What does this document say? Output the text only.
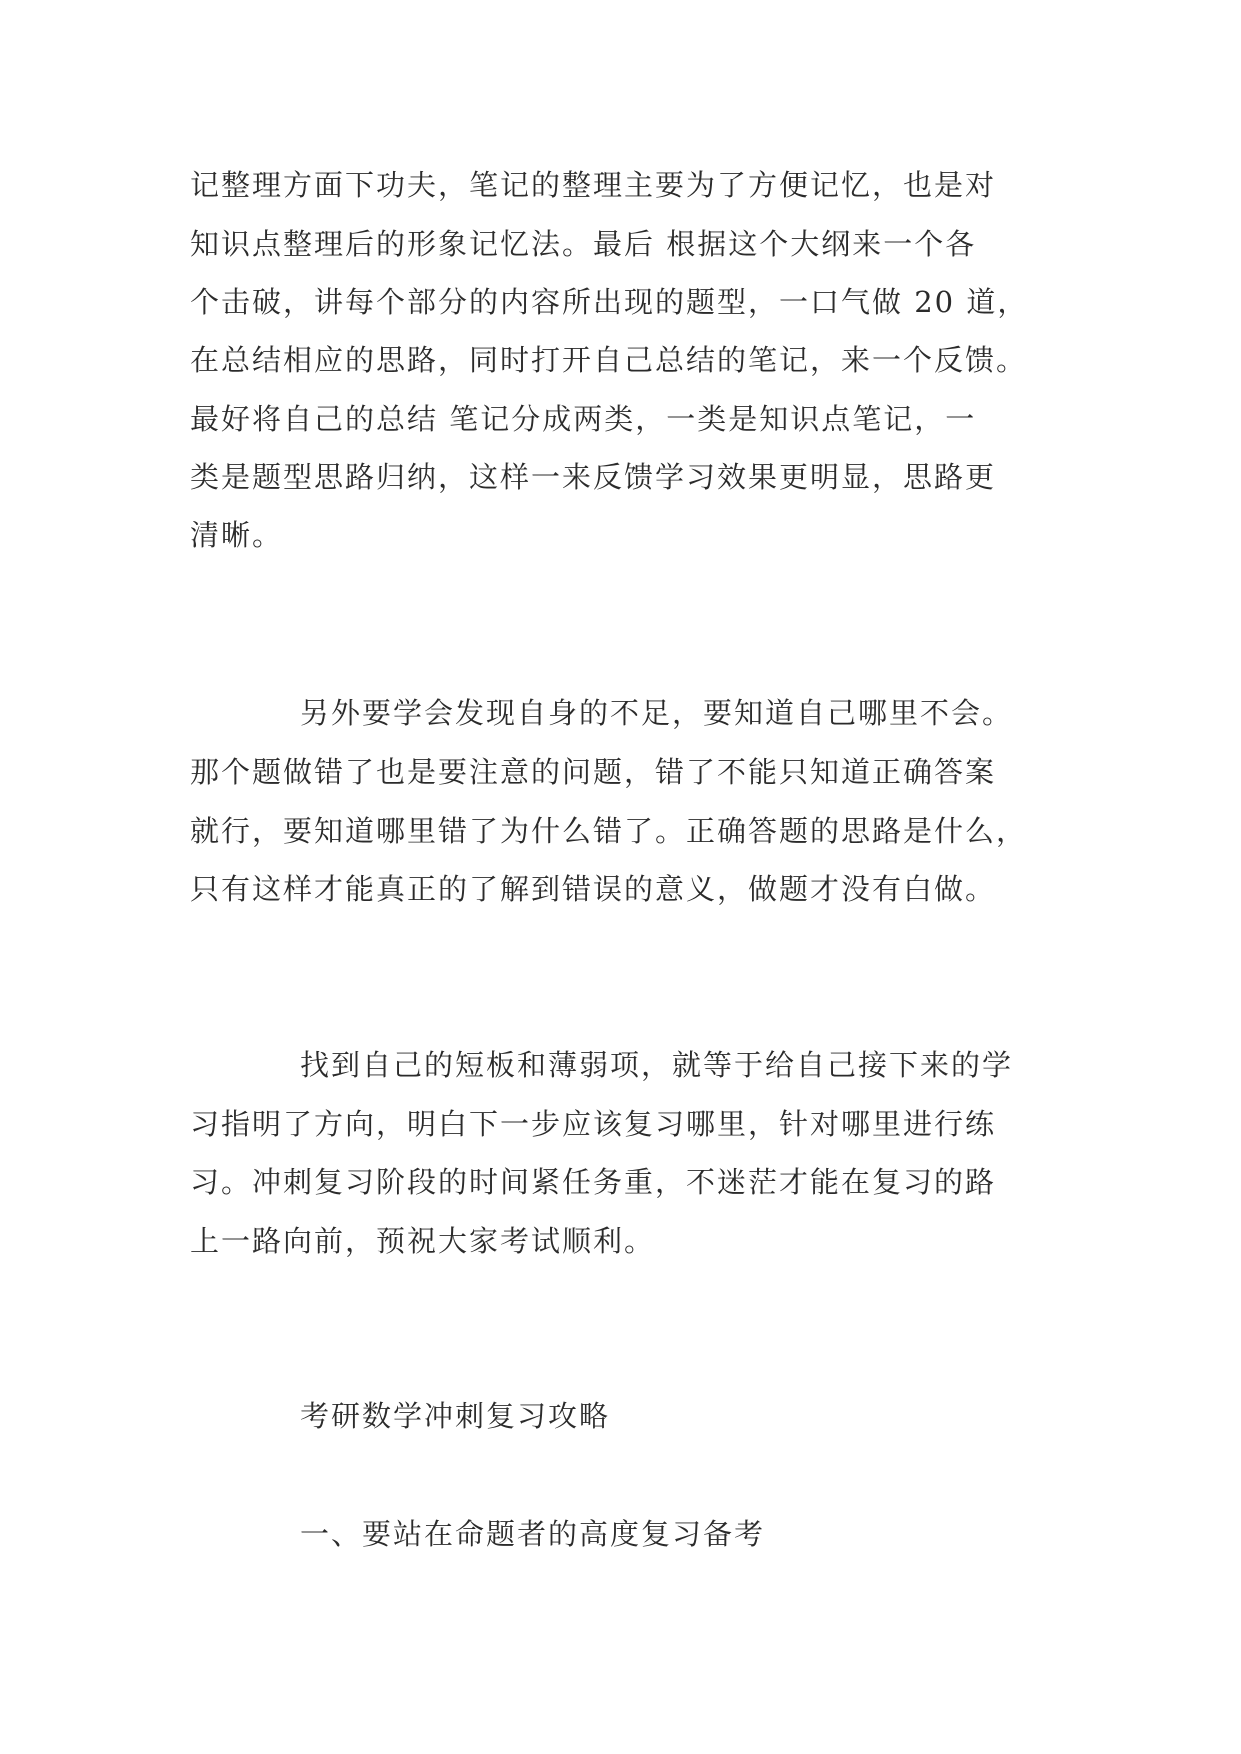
记整理方面下功夫，笔记的整理主要为了方便记忆，也是对
知识点整理后的形象记忆法。最后 根据这个大纲来一个各
个击破，讲每个部分的内容所出现的题型，一口气做 20 道，
在总结相应的思路，同时打开自己总结的笔记，来一个反馈。
最好将自己的总结 笔记分成两类，一类是知识点笔记，一
类是题型思路归纳，这样一来反馈学习效果更明显，思路更
清晰。
另外要学会发现自身的不足，要知道自己哪里不会。
那个题做错了也是要注意的问题，错了不能只知道正确答案
就行，要知道哪里错了为什么错了。正确答题的思路是什么，
只有这样才能真正的了解到错误的意义，做题才没有白做。
找到自己的短板和薄弱项，就等于给自己接下来的学
习指明了方向，明白下一步应该复习哪里，针对哪里进行练
习。冲刺复习阶段的时间紧任务重，不迷茫才能在复习的路
上一路向前，预祝大家考试顺利。
考研数学冲刺复习攻略
一、要站在命题者的高度复习备考
